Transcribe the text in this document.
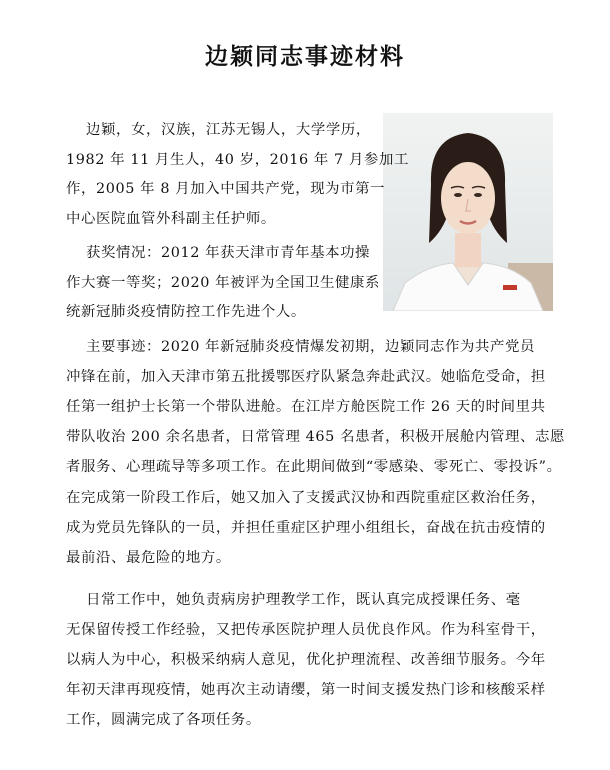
边颖同志事迹材料
边颖，女，汉族，江苏无锡人，大学学历，
1982 年 11 月生人，40 岁，2016 年 7 月参加工
作，2005 年 8 月加入中国共产党，现为市第一
中心医院血管外科副主任护师。
获奖情况：2012 年获天津市青年基本功操
作大赛一等奖；2020 年被评为全国卫生健康系
统新冠肺炎疫情防控工作先进个人。
主要事迹：2020 年新冠肺炎疫情爆发初期，边颖同志作为共产党员
冲锋在前，加入天津市第五批援鄂医疗队紧急奔赴武汉。她临危受命，担
任第一组护士长第一个带队进舱。在江岸方舱医院工作 26 天的时间里共
带队收治 200 余名患者，日常管理 465 名患者，积极开展舱内管理、志愿
者服务、心理疏导等多项工作。在此期间做到“零感染、零死亡、零投诉”。
在完成第一阶段工作后，她又加入了支援武汉协和西院重症区救治任务，
成为党员先锋队的一员，并担任重症区护理小组组长，奋战在抗击疫情的
最前沿、最危险的地方。
日常工作中，她负责病房护理教学工作，既认真完成授课任务、毫
无保留传授工作经验，又把传承医院护理人员优良作风。作为科室骨干，
以病人为中心，积极采纳病人意见，优化护理流程、改善细节服务。今年
年初天津再现疫情，她再次主动请缨，第一时间支援发热门诊和核酸采样
工作，圆满完成了各项任务。
